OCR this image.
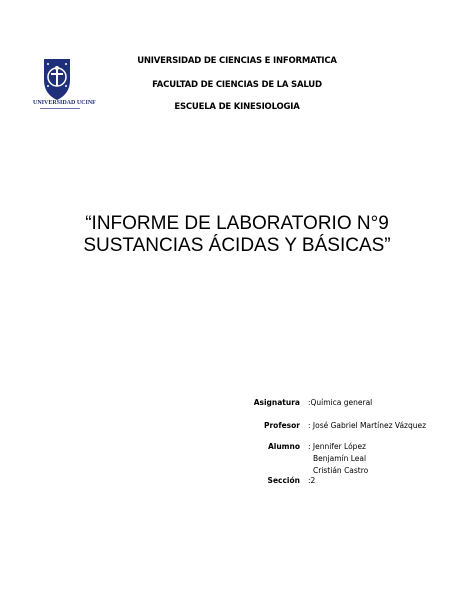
UNIVERSIDAD UCINF
UNIVERSIDAD DE CIENCIAS E INFORMATICA
FACULTAD DE CIENCIAS DE LA SALUD
ESCUELA DE KINESIOLOGIA
“INFORME DE LABORATORIO N°9
SUSTANCIAS ÁCIDAS Y BÁSICAS”
Asignatura :Química general
Profesor : José Gabriel Martínez Vázquez
Alumno : Jennifer López
Benjamín Leal
Cristián Castro
Sección :2
